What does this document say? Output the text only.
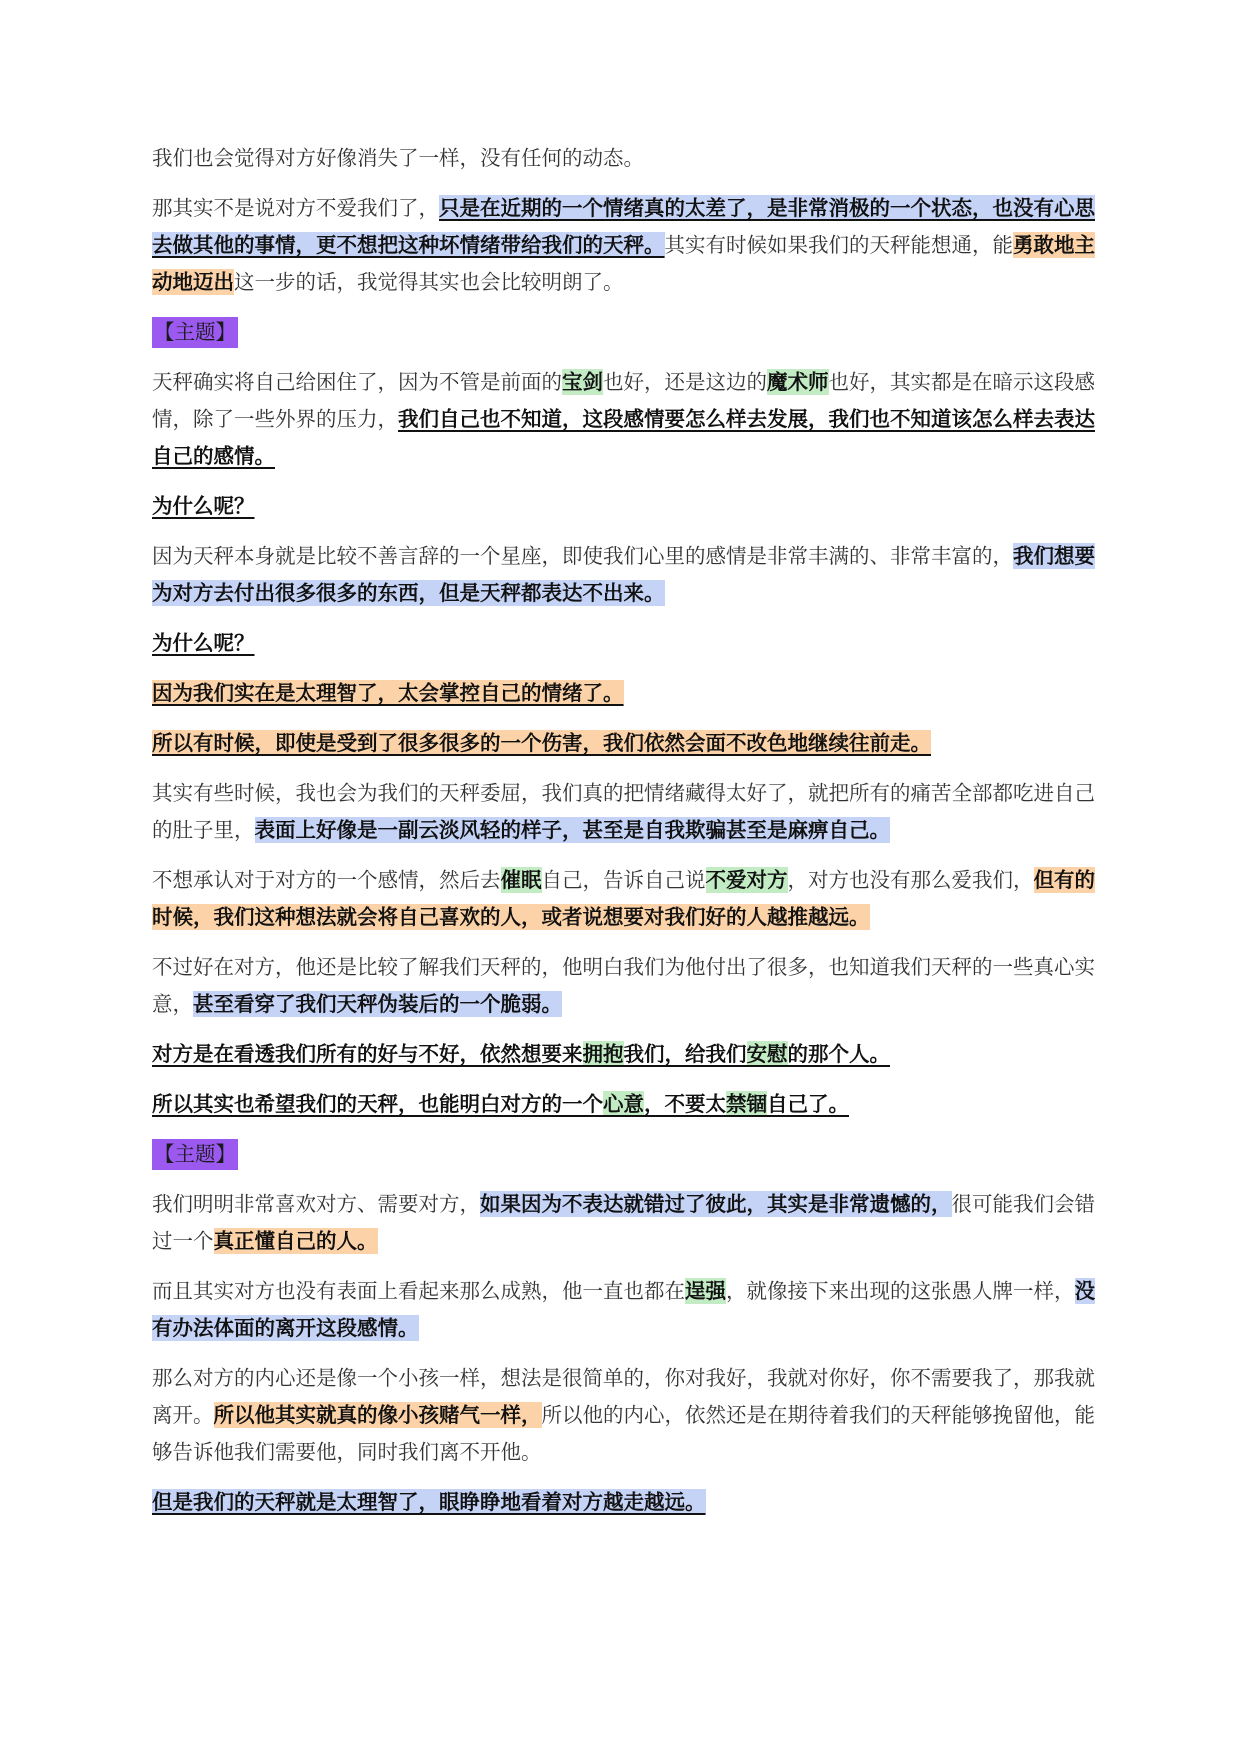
我们也会觉得对方好像消失了一样，没有任何的动态。
那其实不是说对方不爱我们了，只是在近期的一个情绪真的太差了，是非常消极的一个状态，也没有心思去做其他的事情，更不想把这种坏情绪带给我们的天秤。其实有时候如果我们的天秤能想通，能勇敢地主动地迈出这一步的话，我觉得其实也会比较明朗了。
【主题】
天秤确实将自己给困住了，因为不管是前面的宝剑也好，还是这边的魔术师也好，其实都是在暗示这段感情，除了一些外界的压力，我们自己也不知道，这段感情要怎么样去发展，我们也不知道该怎么样去表达自己的感情。
为什么呢？
因为天秤本身就是比较不善言辞的一个星座，即使我们心里的感情是非常丰满的、非常丰富的，我们想要为对方去付出很多很多的东西，但是天秤都表达不出来。
为什么呢？
因为我们实在是太理智了，太会掌控自己的情绪了。
所以有时候，即使是受到了很多很多的一个伤害，我们依然会面不改色地继续往前走。
其实有些时候，我也会为我们的天秤委屈，我们真的把情绪藏得太好了，就把所有的痛苦全部都吃进自己的肚子里，表面上好像是一副云淡风轻的样子，甚至是自我欺骗甚至是麻痹自己。
不想承认对于对方的一个感情，然后去催眠自己，告诉自己说不爱对方，对方也没有那么爱我们，但有的时候，我们这种想法就会将自己喜欢的人，或者说想要对我们好的人越推越远。
不过好在对方，他还是比较了解我们天秤的，他明白我们为他付出了很多，也知道我们天秤的一些真心实意，甚至看穿了我们天秤伪装后的一个脆弱。
对方是在看透我们所有的好与不好，依然想要来拥抱我们，给我们安慰的那个人。
所以其实也希望我们的天秤，也能明白对方的一个心意，不要太禁锢自己了。
【主题】
我们明明非常喜欢对方、需要对方，如果因为不表达就错过了彼此，其实是非常遗憾的，很可能我们会错过一个真正懂自己的人。
而且其实对方也没有表面上看起来那么成熟，他一直也都在逞强，就像接下来出现的这张愚人牌一样，没有办法体面的离开这段感情。
那么对方的内心还是像一个小孩一样，想法是很简单的，你对我好，我就对你好，你不需要我了，那我就离开。所以他其实就真的像小孩赌气一样，所以他的内心，依然还是在期待着我们的天秤能够挽留他，能够告诉他我们需要他，同时我们离不开他。
但是我们的天秤就是太理智了，眼睁睁地看着对方越走越远。
